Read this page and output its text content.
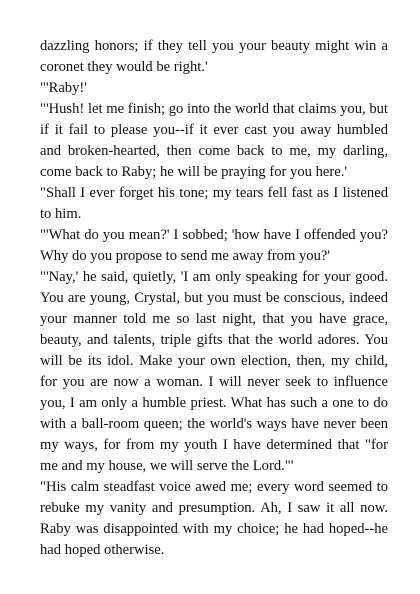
dazzling honors; if they tell you your beauty might win a coronet they would be right.'

"'Raby!'

"'Hush! let me finish; go into the world that claims you, but if it fail to please you--if it ever cast you away humbled and broken-hearted, then come back to me, my darling, come back to Raby; he will be praying for you here.'

"Shall I ever forget his tone; my tears fell fast as I listened to him.

"'What do you mean?' I sobbed; 'how have I offended you? Why do you propose to send me away from you?'

"'Nay,' he said, quietly, 'I am only speaking for your good. You are young, Crystal, but you must be conscious, indeed your manner told me so last night, that you have grace, beauty, and talents, triple gifts that the world adores. You will be its idol. Make your own election, then, my child, for you are now a woman. I will never seek to influence you, I am only a humble priest. What has such a one to do with a ball-room queen; the world's ways have never been my ways, for from my youth I have determined that "for me and my house, we will serve the Lord."'

"His calm steadfast voice awed me; every word seemed to rebuke my vanity and presumption. Ah, I saw it all now. Raby was disappointed with my choice; he had hoped--he had hoped otherwise.
